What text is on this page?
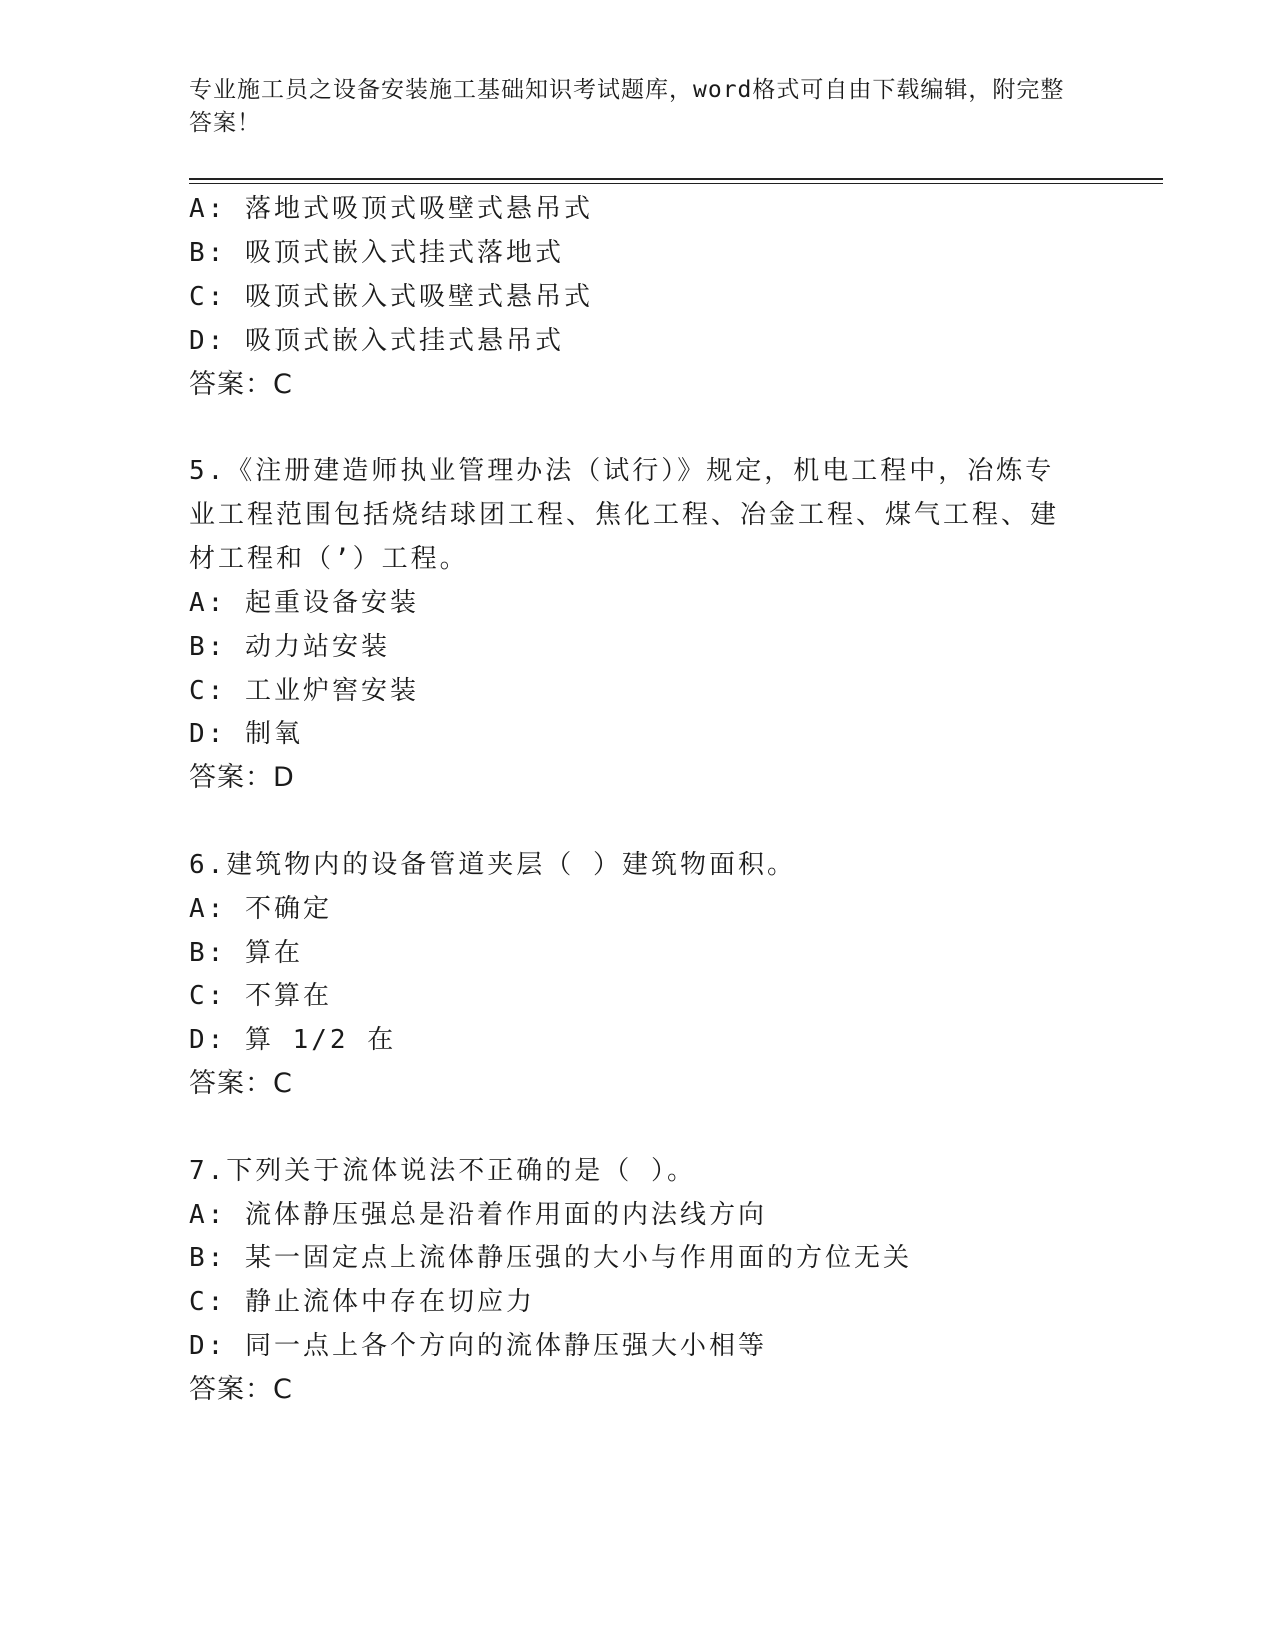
专业施工员之设备安装施工基础知识考试题库，word格式可自由下载编辑，附完整答案！
A: 落地式吸顶式吸壁式悬吊式
B: 吸顶式嵌入式挂式落地式
C: 吸顶式嵌入式吸壁式悬吊式
D: 吸顶式嵌入式挂式悬吊式
答案：C
5.《注册建造师执业管理办法（试行）》规定，机电工程中，冶炼专
业工程范围包括烧结球团工程、焦化工程、冶金工程、煤气工程、建
材工程和（’）工程。
A: 起重设备安装
B: 动力站安装
C: 工业炉窖安装
D: 制氧
答案：D
6.建筑物内的设备管道夹层（ ）建筑物面积。
A: 不确定
B: 算在
C: 不算在
D: 算 1/2 在
答案：C
7.下列关于流体说法不正确的是（ ）。
A: 流体静压强总是沿着作用面的内法线方向
B: 某一固定点上流体静压强的大小与作用面的方位无关
C: 静止流体中存在切应力
D: 同一点上各个方向的流体静压强大小相等
答案：C
